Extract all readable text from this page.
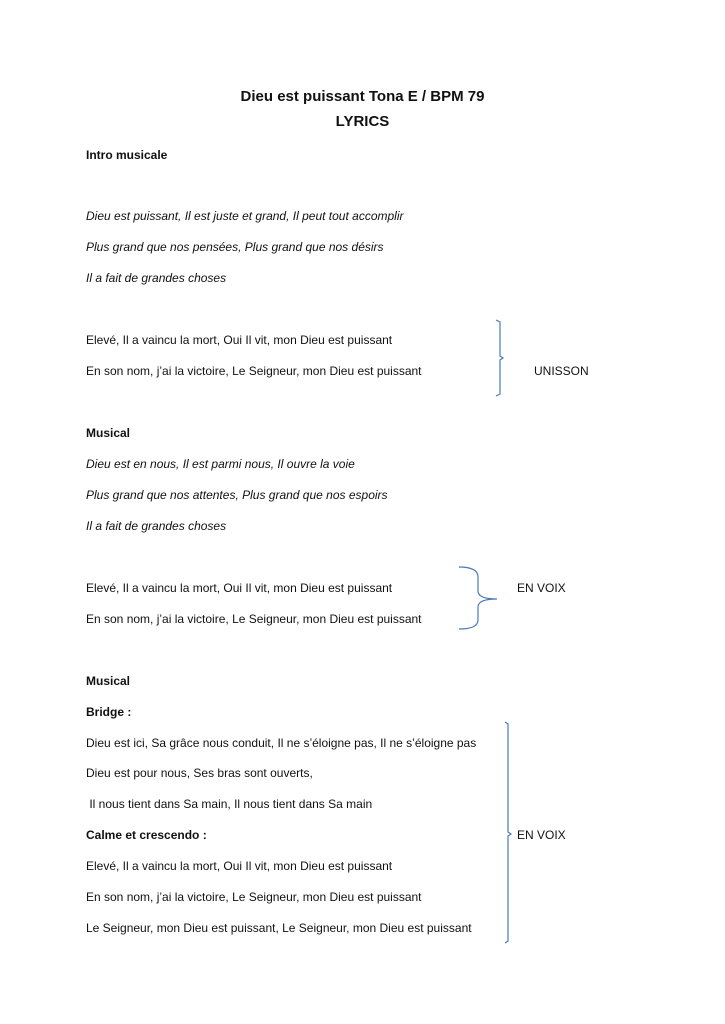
Dieu est puissant Tona E / BPM 79
LYRICS
Intro musicale
Dieu est puissant, Il est juste et grand, Il peut tout accomplir
Plus grand que nos pensées, Plus grand que nos désirs
Il a fait de grandes choses
Elevé, Il a vaincu la mort, Oui Il vit, mon Dieu est puissant
En son nom, j’ai la victoire, Le Seigneur, mon Dieu est puissant	UNISSON
Musical
Dieu est en nous, Il est parmi nous, Il ouvre la voie
Plus grand que nos attentes, Plus grand que nos espoirs
Il a fait de grandes choses
Elevé, Il a vaincu la mort, Oui Il vit, mon Dieu est puissant
En son nom, j’ai la victoire, Le Seigneur, mon Dieu est puissant
EN VOIX
Musical
Bridge :
Dieu est ici, Sa grâce nous conduit, Il ne s’éloigne pas, Il ne s’éloigne pas
Dieu est pour nous, Ses bras sont ouverts,
Il nous tient dans Sa main, Il nous tient dans Sa main
Calme et crescendo :	EN VOIX
Elevé, Il a vaincu la mort, Oui Il vit, mon Dieu est puissant
En son nom, j’ai la victoire, Le Seigneur, mon Dieu est puissant
Le Seigneur, mon Dieu est puissant, Le Seigneur, mon Dieu est puissant
